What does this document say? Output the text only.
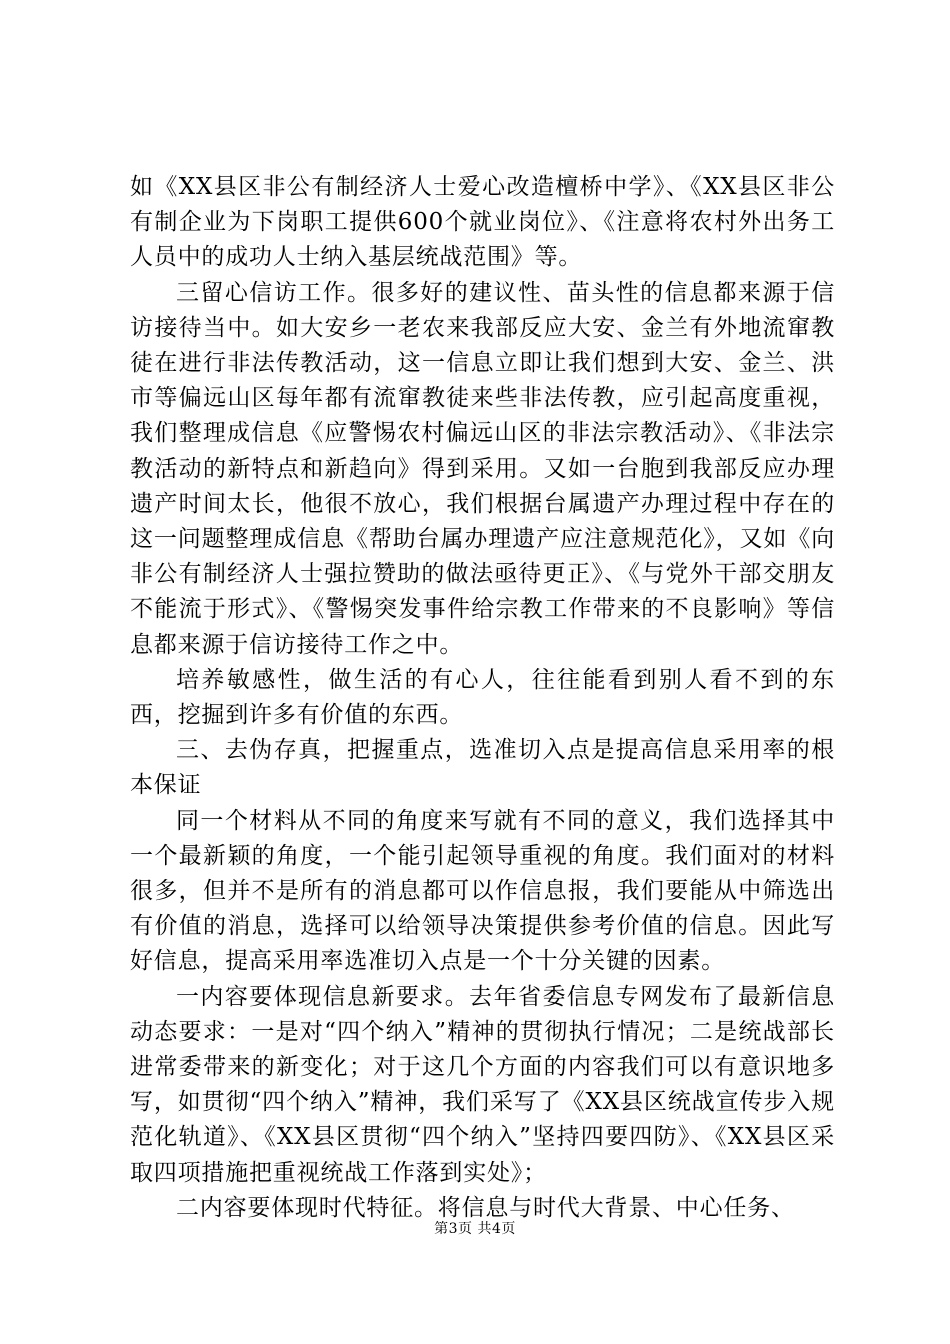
如《XX县区非公有制经济人士爱心改造檀桥中学》、《XX县区非公有制企业为下岗职工提供600个就业岗位》、《注意将农村外出务工人员中的成功人士纳入基层统战范围》等。

三留心信访工作。很多好的建议性、苗头性的信息都来源于信访接待当中。如大安乡一老农来我部反应大安、金兰有外地流窜教徒在进行非法传教活动，这一信息立即让我们想到大安、金兰、洪市等偏远山区每年都有流窜教徒来些非法传教，应引起高度重视，我们整理成信息《应警惕农村偏远山区的非法宗教活动》、《非法宗教活动的新特点和新趋向》得到采用。又如一台胞到我部反应办理遗产时间太长，他很不放心，我们根据台属遗产办理过程中存在的这一问题整理成信息《帮助台属办理遗产应注意规范化》，又如《向非公有制经济人士强拉赞助的做法亟待更正》、《与党外干部交朋友不能流于形式》、《警惕突发事件给宗教工作带来的不良影响》等信息都来源于信访接待工作之中。

培养敏感性，做生活的有心人，往往能看到别人看不到的东西，挖掘到许多有价值的东西。

三、去伪存真，把握重点，选准切入点是提高信息采用率的根本保证

同一个材料从不同的角度来写就有不同的意义，我们选择其中一个最新颖的角度，一个能引起领导重视的角度。我们面对的材料很多，但并不是所有的消息都可以作信息报，我们要能从中筛选出有价值的消息，选择可以给领导决策提供参考价值的信息。因此写好信息，提高采用率选准切入点是一个十分关键的因素。

一内容要体现信息新要求。去年省委信息专网发布了最新信息动态要求：一是对“四个纳入”精神的贯彻执行情况；二是统战部长进常委带来的新变化；对于这几个方面的内容我们可以有意识地多写，如贯彻“四个纳入”精神，我们采写了《XX县区统战宣传步入规范化轨道》、《XX县区贯彻“四个纳入”坚持四要四防》、《XX县区采取四项措施把重视统战工作落到实处》；

二内容要体现时代特征。将信息与时代大背景、中心任务、

第3页 共4页
